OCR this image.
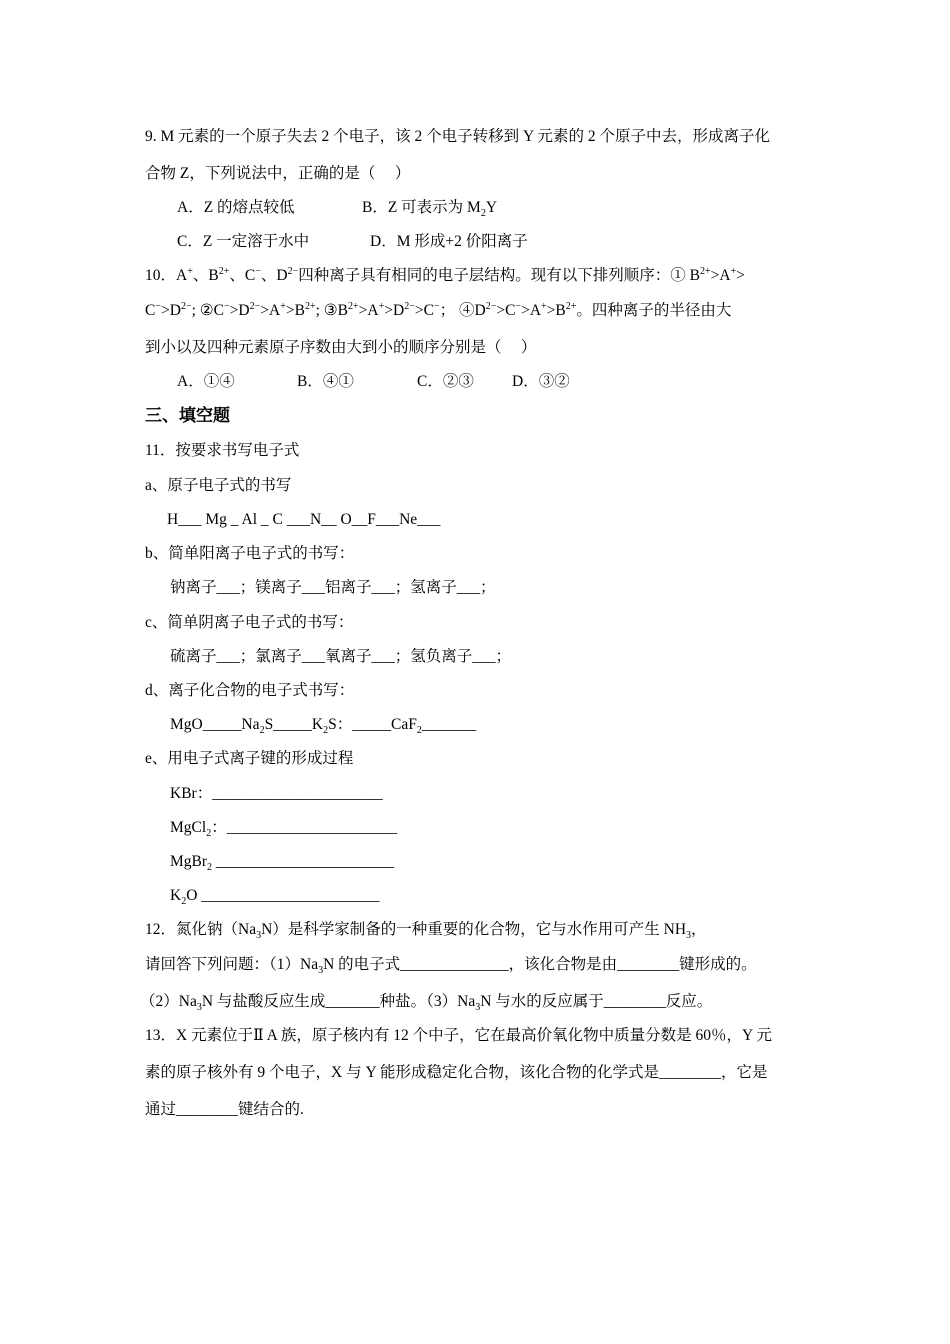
9. M 元素的一个原子失去 2 个电子，该 2 个电子转移到 Y 元素的 2 个原子中去，形成离子化
合物 Z，下列说法中，正确的是（　 ）
A．Z 的熔点较低	B．Z 可表示为 $M_2Y$
C．Z 一定溶于水中	D．M 形成+2 价阳离子
10．A+、$B^{2+}$、C−、$D^{2-}$四种离子具有相同的电子层结构。现有以下排列顺序：① $B^{2+}>A^+>$
$C^->D^{2-}$; $②C^->D^{2-}>A^+>B^{2+}$; $③B^{2+}>A^+>D^{2-}>C^-$； $④D^{2-}>C^->A^+>B^{2+}$。四种离子的半径由大
到小以及四种元素原子序数由大到小的顺序分别是（　 ）
A．①④	B．④①	C．②③ D．③②
三、填空题
11．按要求书写电子式
a、原子电子式的书写
H___ Mg _ Al _ C ___N__ O__F___Ne___
b、简单阳离子电子式的书写：
钠离子___；镁离子___铝离子___；氢离子___；
c、简单阴离子电子式的书写：
硫离子___；氯离子___氧离子___；氢负离子___；
d、离子化合物的电子式书写：
$MgO\_\_\_\_\_Na_2S\_\_\_\_\_K_2S$：_____CaF$_2$_______
e、用电子式离子键的形成过程
KBr：______________________
MgCl$_2$：______________________
MgBr$_2$ _______________________
$K_2O$ _______________________
12．氮化钠$(Na_3N)$是科学家制备的一种重要的化合物，它与水作用可产生 $NH_3$，
请回答下列问题：$(1)Na_3N$ 的电子式______________，该化合物是由________键形成的。
$(2)Na_3N$ 与盐酸反应生成_______种盐。$(3)Na_3N$ 与水的反应属于________反应。
13．X 元素位于Ⅱ A 族，原子核内有 12 个中子，它在最高价氧化物中质量分数是 60％，Y 元
素的原子核外有 9 个电子，X 与 Y 能形成稳定化合物，该化合物的化学式是________，它是
通过________键结合的.
